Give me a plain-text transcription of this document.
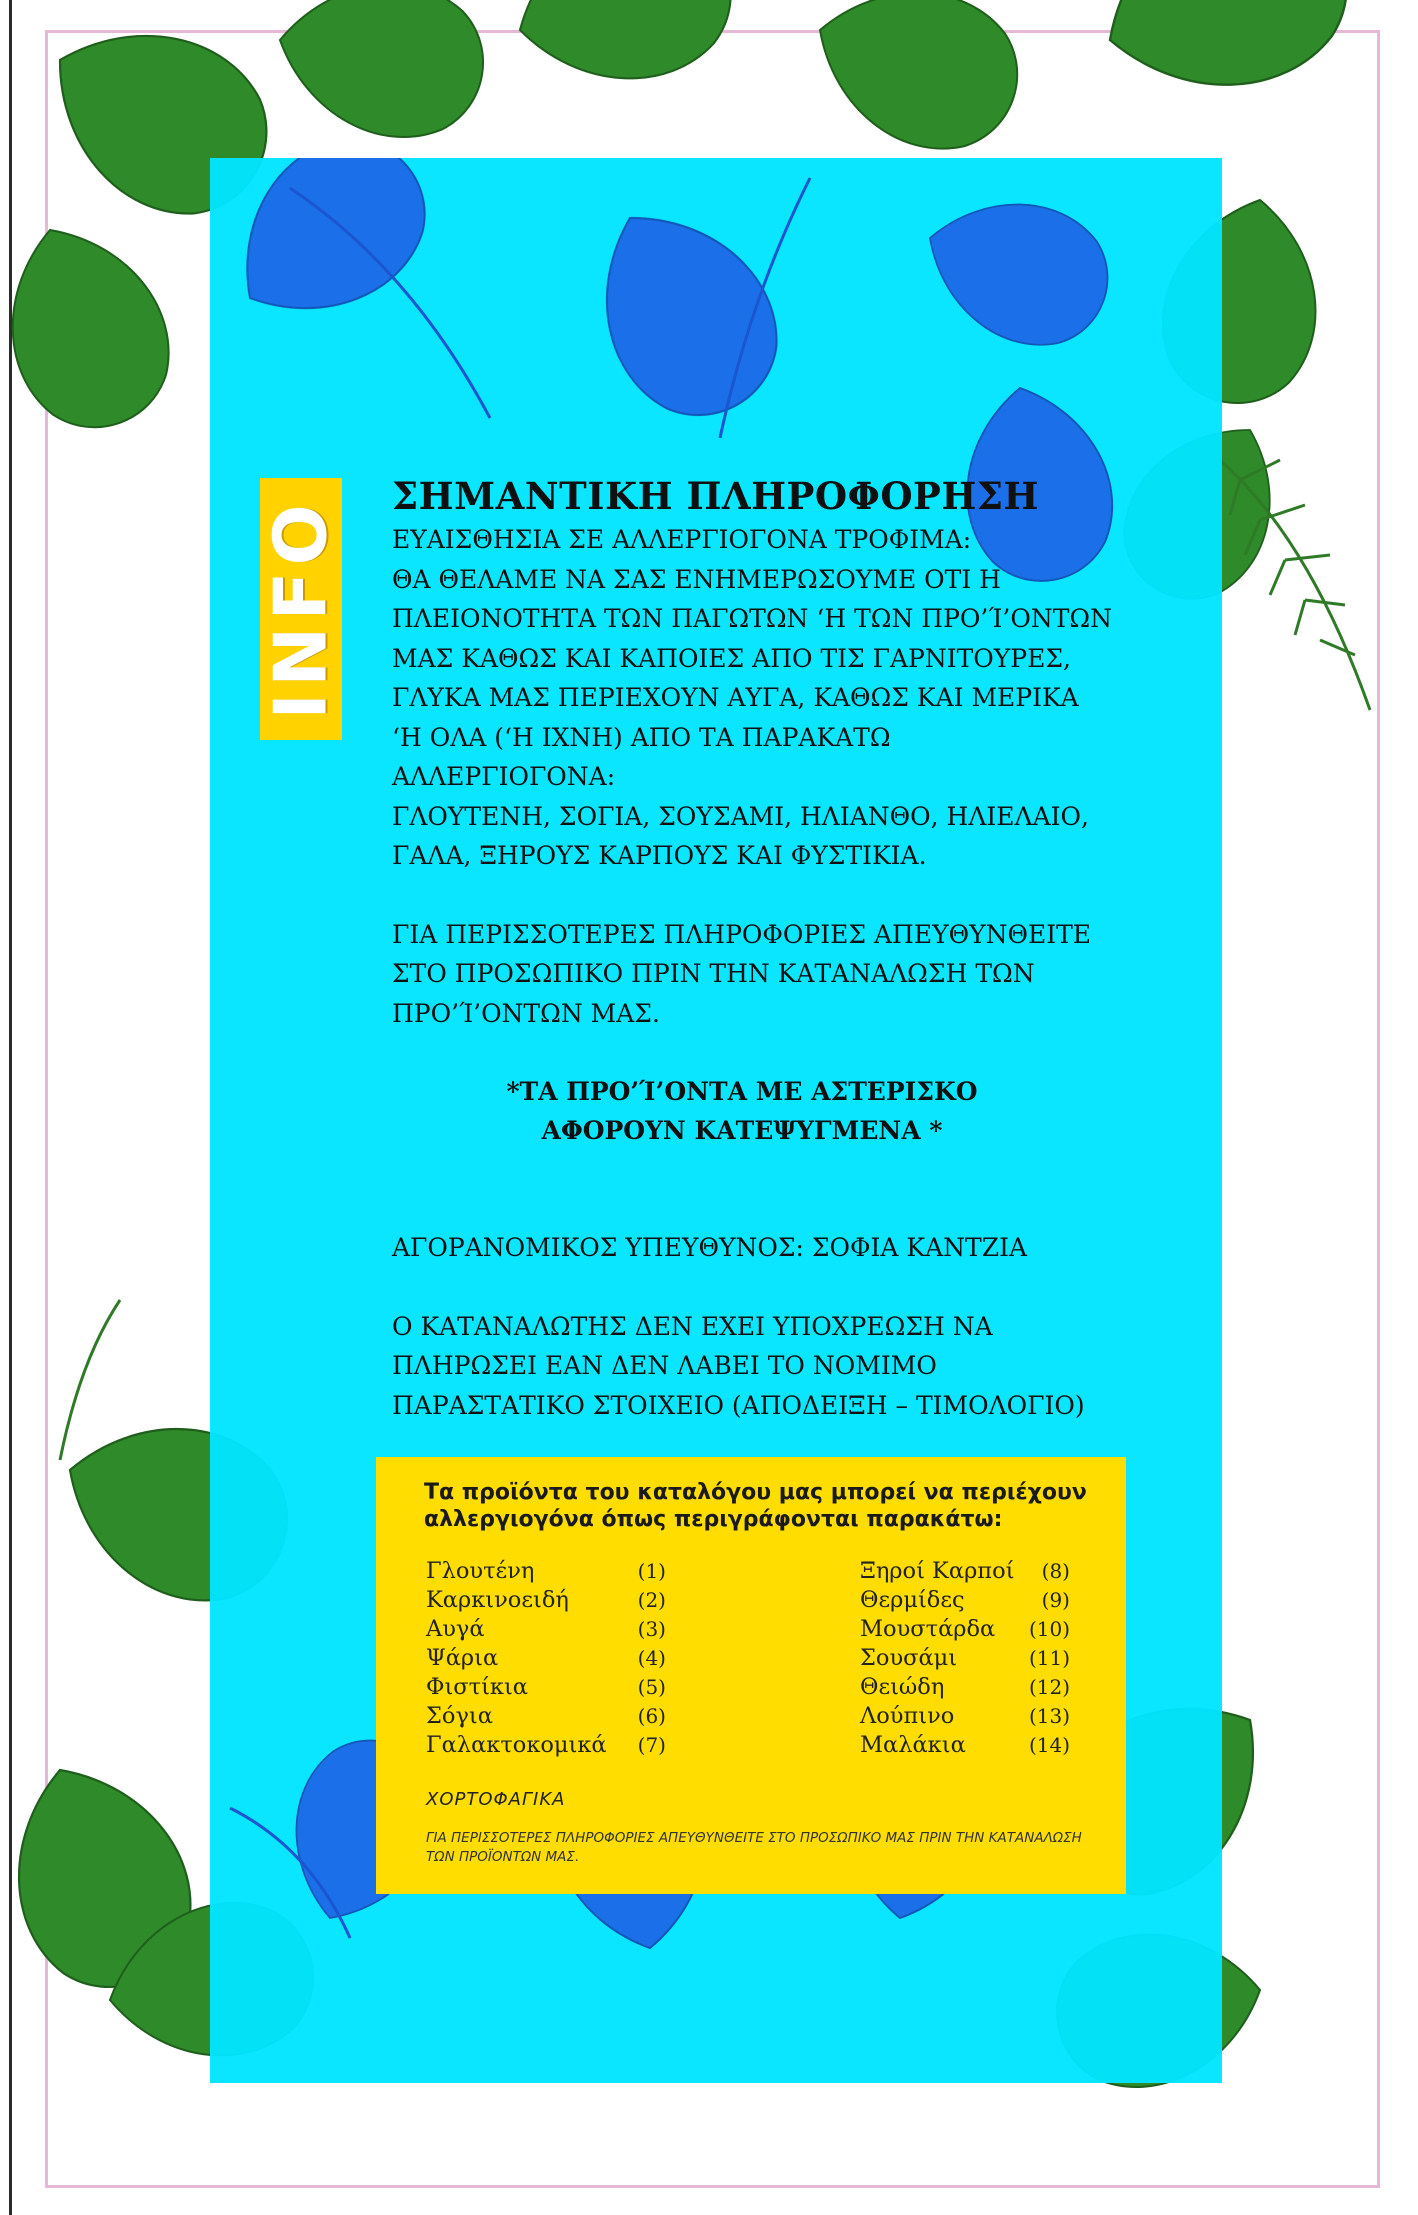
INFO
ΣΗΜΑΝΤΙΚΗ ΠΛΗΡΟΦΟΡΗΣΗ
ΕΥΑΙΣΘΗΣΙΑ ΣΕ ΑΛΛΕΡΓΙΟΓΟΝΑ ΤΡΟΦΙΜΑ:
ΘΑ ΘΕΛΑΜΕ ΝΑ ΣΑΣ ΕΝΗΜΕΡΩΣΟΥΜΕ ΟΤΙ Η
ΠΛΕΙΟΝΟΤΗΤΑ ΤΩΝ ΠΑΓΩΤΩΝ ‘Η ΤΩΝ ΠΡΟ’Ί’ΟΝΤΩΝ
ΜΑΣ ΚΑΘΩΣ ΚΑΙ ΚΑΠΟΙΕΣ ΑΠΟ ΤΙΣ ΓΑΡΝΙΤΟΥΡΕΣ,
ΓΛΥΚΑ ΜΑΣ ΠΕΡΙΕΧΟΥΝ ΑΥΓΑ, ΚΑΘΩΣ ΚΑΙ ΜΕΡΙΚΑ
‘Η ΟΛΑ (‘Η ΙΧΝΗ) ΑΠΟ ΤΑ ΠΑΡΑΚΑΤΩ
ΑΛΛΕΡΓΙΟΓΟΝΑ:
ΓΛΟΥΤΕΝΗ, ΣΟΓΙΑ, ΣΟΥΣΑΜΙ, ΗΛΙΑΝΘΟ, ΗΛΙΕΛΑΙΟ,
ΓΑΛΑ, ΞΗΡΟΥΣ ΚΑΡΠΟΥΣ ΚΑΙ ΦΥΣΤΙΚΙΑ.
ΓΙΑ ΠΕΡΙΣΣΟΤΕΡΕΣ ΠΛΗΡΟΦΟΡΙΕΣ ΑΠΕΥΘΥΝΘΕΙΤΕ
ΣΤΟ ΠΡΟΣΩΠΙΚΟ ΠΡΙΝ ΤΗΝ ΚΑΤΑΝΑΛΩΣΗ ΤΩΝ
ΠΡΟ’Ί’ΟΝΤΩΝ ΜΑΣ.
*ΤΑ ΠΡΟ’Ί’ΟΝΤΑ ΜΕ ΑΣΤΕΡΙΣΚΟ
ΑΦΟΡΟΥΝ ΚΑΤΕΨΥΓΜΕΝΑ *
ΑΓΟΡΑΝΟΜΙΚΟΣ ΥΠΕΥΘΥΝΟΣ: ΣΟΦΙΑ ΚΑΝΤΖΙΑ
Ο ΚΑΤΑΝΑΛΩΤΗΣ ΔΕΝ ΕΧΕΙ ΥΠΟΧΡΕΩΣΗ ΝΑ
ΠΛΗΡΩΣΕΙ ΕΑΝ ΔΕΝ ΛΑΒΕΙ ΤΟ ΝΟΜΙΜΟ
ΠΑΡΑΣΤΑΤΙΚΟ ΣΤΟΙΧΕΙΟ (ΑΠΟΔΕΙΞΗ – ΤΙΜΟΛΟΓΙΟ)
Τα προϊόντα του καταλόγου μας μπορεί να περιέχουν
αλλεργιογόνα όπως περιγράφονται παρακάτω:
Γλουτένη	(1)
Καρκινοειδή	(2)
Αυγά	(3)
Ψάρια	(4)
Φιστίκια	(5)
Σόγια	(6)
Γαλακτοκομικά (7)
Ξηροί Καρποί (8)
Θερμίδες	(9)
Μουστάρδα (10)
Σουσάμι	(11)
Θειώδη	(12)
Λούπινο	(13)
Μαλάκια	(14)
ΧΟΡΤΟΦΑΓΙΚΑ
ΓΙΑ ΠΕΡΙΣΣΟΤΕΡΕΣ ΠΛΗΡΟΦΟΡΙΕΣ ΑΠΕΥΘΥΝΘΕΙΤΕ ΣΤΟ ΠΡΟΣΩΠΙΚΟ ΜΑΣ ΠΡΙΝ ΤΗΝ ΚΑΤΑΝΑΛΩΣΗ ΤΩΝ ΠΡΟΪΟΝΤΩΝ ΜΑΣ.
